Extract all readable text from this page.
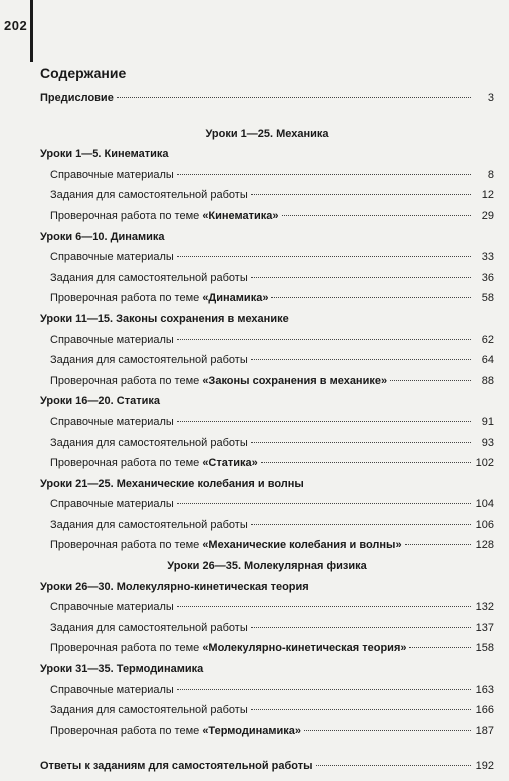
202
Содержание
Предисловие	3
Уроки 1—25. Механика
Уроки 1—5. Кинематика
Справочные материалы	8
Задания для самостоятельной работы	12
Проверочная работа по теме «Кинематика»	29
Уроки 6—10. Динамика
Справочные материалы	33
Задания для самостоятельной работы	36
Проверочная работа по теме «Динамика»	58
Уроки 11—15. Законы сохранения в механике
Справочные материалы	62
Задания для самостоятельной работы	64
Проверочная работа по теме «Законы сохранения в механике»	88
Уроки 16—20. Статика
Справочные материалы	91
Задания для самостоятельной работы	93
Проверочная работа по теме «Статика»	102
Уроки 21—25. Механические колебания и волны
Справочные материалы	104
Задания для самостоятельной работы	106
Проверочная работа по теме «Механические колебания и волны»	128
Уроки 26—35. Молекулярная физика
Уроки 26—30. Молекулярно-кинетическая теория
Справочные материалы	132
Задания для самостоятельной работы	137
Проверочная работа по теме «Молекулярно-кинетическая теория»	158
Уроки 31—35. Термодинамика
Справочные материалы	163
Задания для самостоятельной работы	166
Проверочная работа по теме «Термодинамика»	187
Ответы к заданиям для самостоятельной работы	192
